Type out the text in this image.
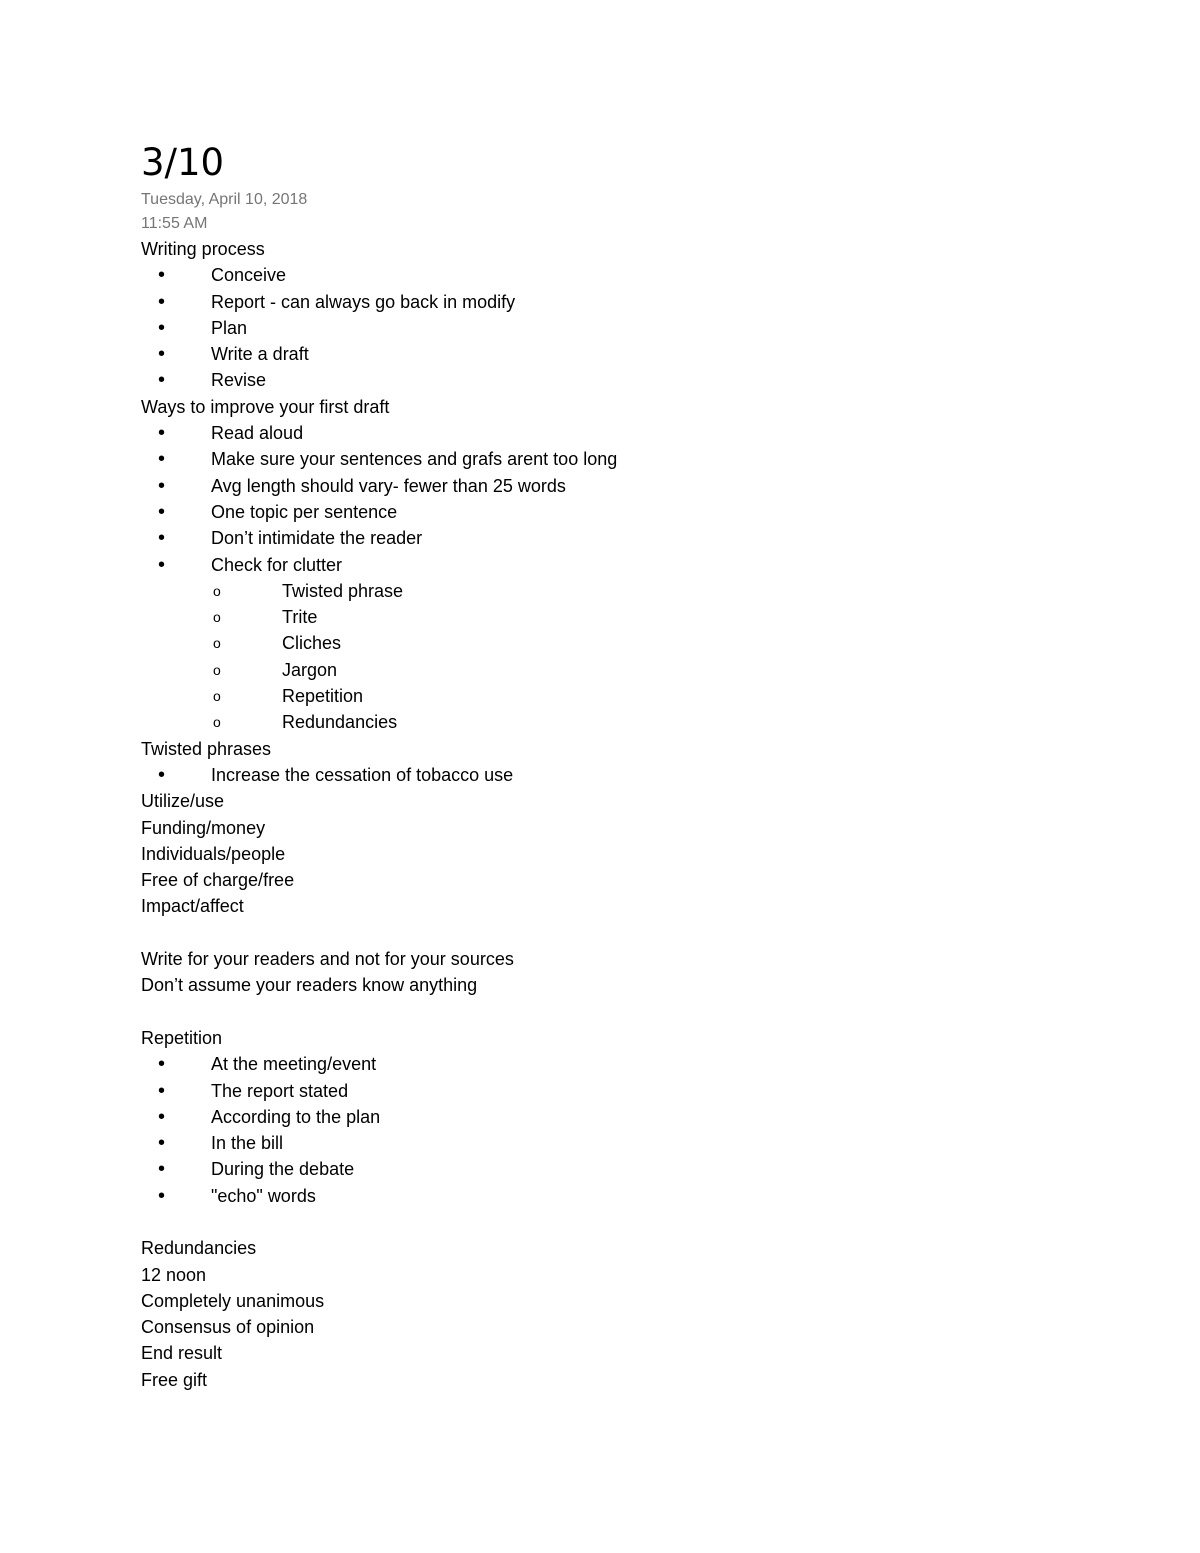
3/10
Tuesday, April 10, 2018
11:55 AM
Writing process
•	Conceive
•	Report - can always go back in modify
•	Plan
•	Write a draft
•	Revise
Ways to improve your first draft
•	Read aloud
•	Make sure your sentences and grafs arent too long
•	Avg length should vary- fewer than 25 words
•	One topic per sentence
•	Don’t intimidate the reader
•	Check for clutter
o	Twisted phrase
o	Trite
o	Cliches
o	Jargon
o	Repetition
o	Redundancies
Twisted phrases
•	Increase the cessation of tobacco use
Utilize/use
Funding/money
Individuals/people
Free of charge/free
Impact/affect
Write for your readers and not for your sources
Don’t assume your readers know anything
Repetition
•	At the meeting/event
•	The report stated
•	According to the plan
•	In the bill
•	During the debate
•	"echo" words
Redundancies
12 noon
Completely unanimous
Consensus of opinion
End result
Free gift
